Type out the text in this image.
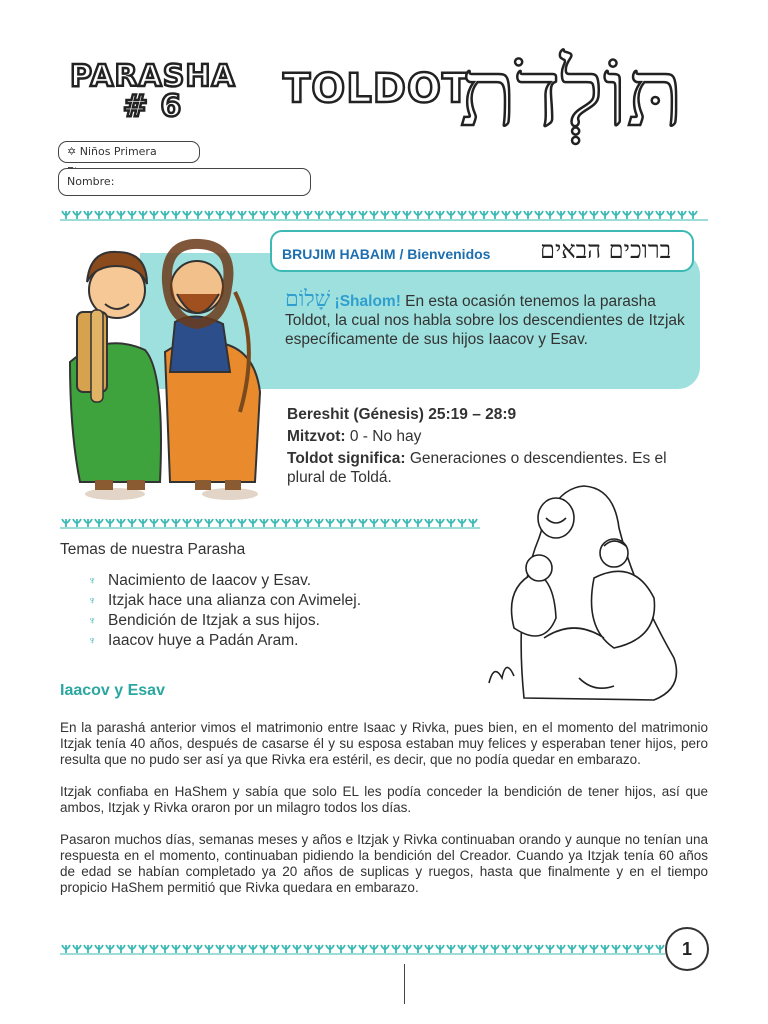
PARASHA
# 6	TOLDOT
תּוֹלְדֹת
✡ Niños Primera
Nombre:
BRUJIM HABAIM / Bienvenidos ברוכים הבאים
שָׁלוֹם ¡Shalom! En esta ocasión tenemos la parasha Toldot, la cual nos habla sobre los descendientes de Itzjak específicamente de sus hijos Iaacov y Esav.

Bereshit (Génesis) 25:19 – 28:9

Mitzvot: 0 - No hay

Toldot significa: Generaciones o descendientes. Es el plural de Toldá.

Temas de nuestra Parasha
♆ Nacimiento de Iaacov y Esav.
♆ Itzjak hace una alianza con Avimelej.
♆ Bendición de Itzjak a sus hijos.
♆ Iaacov huye a Padán Aram.
Iaacov y Esav

En la parashá anterior vimos el matrimonio entre Isaac y Rivka, pues bien, en el momento del matrimonio Itzjak tenía 40 años, después de casarse él y su esposa estaban muy felices y esperaban tener hijos, pero resulta que no pudo ser así ya que Rivka era estéril, es decir, que no podía quedar en embarazo.

Itzjak confiaba en HaShem y sabía que solo EL les podía conceder la bendición de tener hijos, así que ambos, Itzjak y Rivka oraron por un milagro todos los días.

Pasaron muchos días, semanas meses y años e Itzjak y Rivka continuaban orando y aunque no tenían una respuesta en el momento, continuaban pidiendo la bendición del Creador. Cuando ya Itzjak tenía 60 años de edad se habían completado ya 20 años de suplicas y ruegos, hasta que finalmente y en el tiempo propicio HaShem permitió que Rivka quedara en embarazo.

1
